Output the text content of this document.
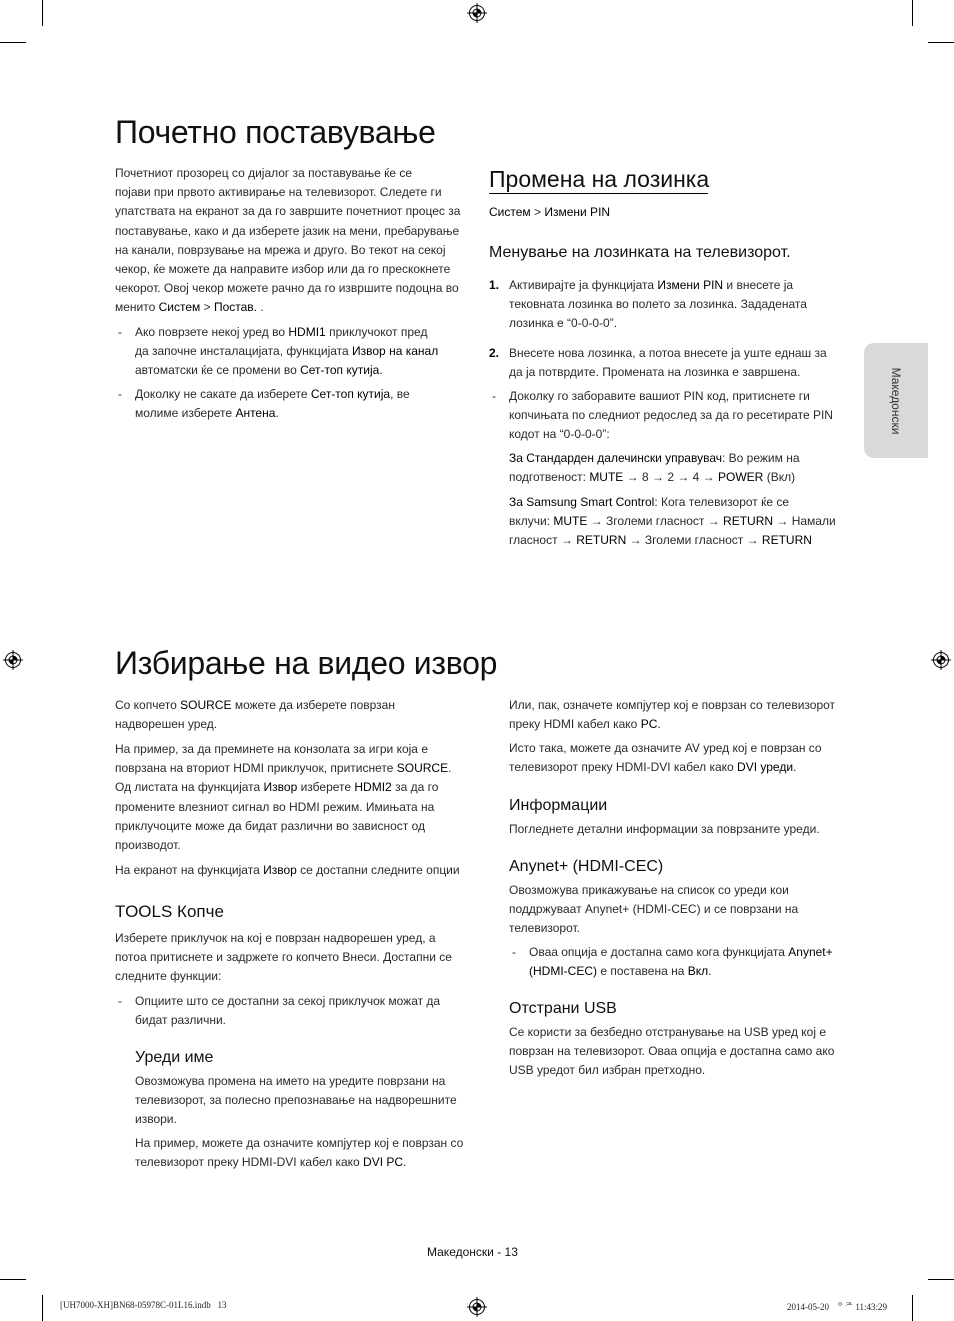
Почетно поставување
Почетниот прозорец со дијалог за поставување ќе се
појави при првото активирање на телевизорот. Следете ги
упатствата на екранот за да го завршите почетниот процес за
поставување, како и да изберете јазик на мени, пребарување
на канали, поврзување на мрежа и друго. Во текот на секој
чекор, ќе можете да направите избор или да го прескокнете
чекорот. Овој чекор можете рачно да го извршите подоцна во
менито Систем > Постав. .
- Ако поврзете некој уред во HDMI1 приклучокот пред
да започне инсталацијата, функцијата Извор на канал
автоматски ќе се промени во Сет-топ кутија.
- Доколку не сакате да изберете Сет-топ кутија, ве
молиме изберете Антена.
Промена на лозинка
Систем > Измени PIN
Менување на лозинката на телевизорот.
1. Активирајте ја функцијата Измени PIN и внесете ја
тековната лозинка во полето за лозинка. Зададената
лозинка е “0-0-0-0”.
2. Внесете нова лозинка, а потоа внесете ја уште еднаш за
да ја потврдите. Промената на лозинка е завршена.
- Доколку го заборавите вашиот PIN код, притиснете ги
копчињата по следниот редослед за да го ресетирате PIN
кодот на “0-0-0-0”:
За Стандарден далечински управувач: Во режим на
подготвеност: MUTE → 8 → 2 → 4 → POWER (Вкл)
За Samsung Smart Control: Кога телевизорот ќе се
вклучи: MUTE → Зголеми гласност → RETURN → Намали
гласност → RETURN → Зголеми гласност → RETURN
Македонски
Избирање на видео извор
Со копчето SOURCE можете да изберете поврзан
надворешен уред.
На пример, за да преминете на конзолата за игри која е
поврзана на вториот HDMI приклучок, притиснете SOURCE.
Од листата на функцијата Извор изберете HDMI2 за да го
промените влезниот сигнал во HDMI режим. Имињата на
приклучоците може да бидат различни во зависност од
производот.
На екранот на функцијата Извор се достапни следните опции
TOOLS Копче
Изберете приклучок на кој е поврзан надворешен уред, а
потоа притиснете и задржете го копчето Внеси. Достапни се
следните функции:
- Опциите што се достапни за секој приклучок можат да
бидат различни.
Уреди име
Овозможува промена на името на уредите поврзани на
телевизорот, за полесно препознавање на надворешните
извори.
На пример, можете да означите компјутер кој е поврзан со
телевизорот преку HDMI-DVI кабел како DVI PC.
Или, пак, означете компјутер кој е поврзан со телевизорот
преку HDMI кабел како PC.
Исто така, можете да означите AV уред кој е поврзан со
телевизорот преку HDMI-DVI кабел како DVI уреди.
Информации
Погледнете детални информации за поврзаните уреди.
Anynet+ (HDMI-CEC)
Овозможува прикажување на список со уреди кои
поддржуваат Anynet+ (HDMI-CEC) и се поврзани на
телевизорот.
- Оваа опција е достапна само кога функцијата Anynet+
(HDMI-CEC) е поставена на Вкл.
Отстрани USB
Се користи за безбедно отстранување на USB уред кој е
поврзан на телевизорот. Оваа опција е достапна само ако
USB уредот бил избран претходно.
Македонски - 13
[UH7000-XH]BN68-05978C-01L16.indb   13	2014-05-20   ᄋᄌ 11:43:29
